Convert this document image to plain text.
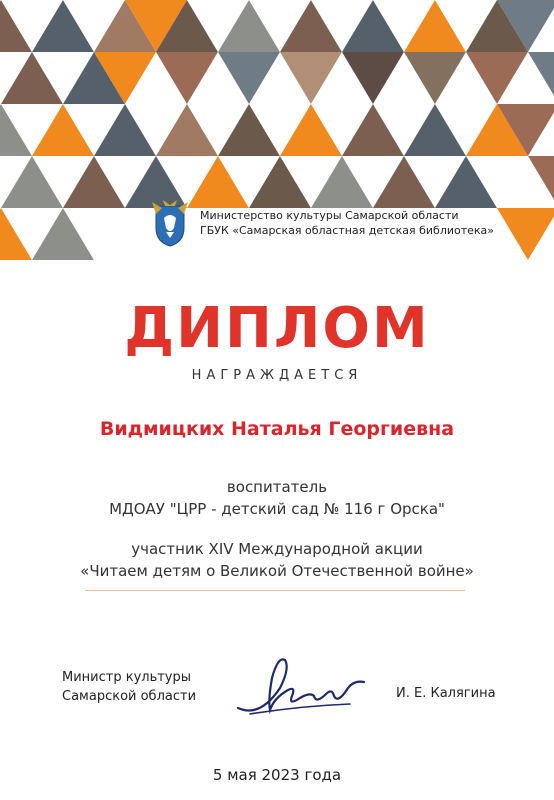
Министерство культуры Самарской области
ГБУК «Самарская областная детская библиотека»
ДИПЛОМ
НАГРАЖДАЕТСЯ
Видмицких Наталья Георгиевна
воспитатель
МДОАУ "ЦРР - детский сад № 116 г Орска"
участник XIV Международной акции
«Читаем детям о Великой Отечественной войне»
Министр культуры
Самарской области	И. Е. Калягина
5 мая 2023 года
